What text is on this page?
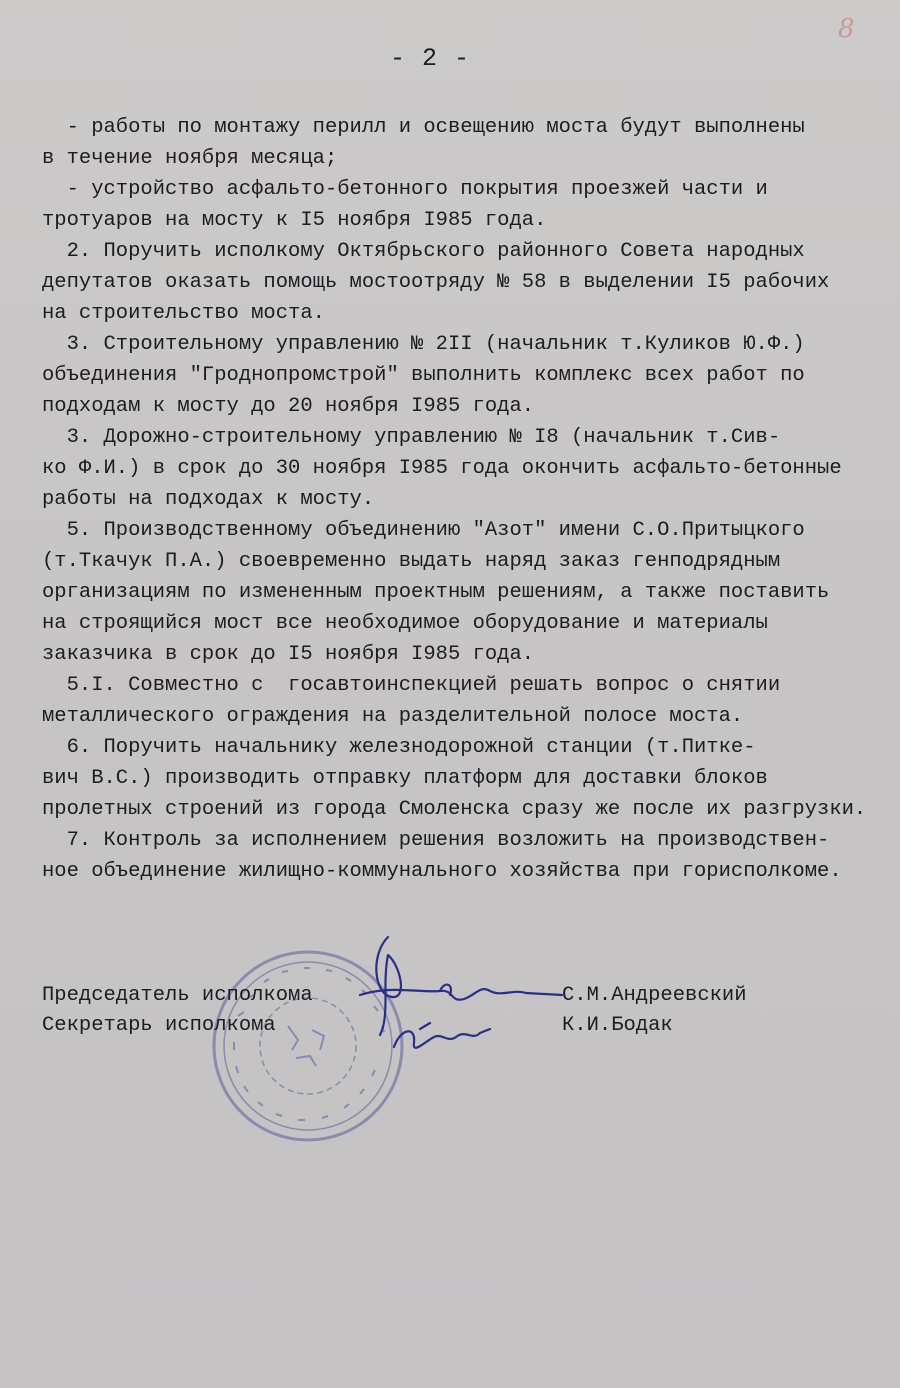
8
- 2 -
- работы по монтажу перилл и освещению моста будут выполнены
в течение ноября месяца;
- устройство асфальто-бетонного покрытия проезжей части и
тротуаров на мосту к I5 ноября I985 года.
2. Поручить исполкому Октябрьского районного Совета народных
депутатов оказать помощь мостоотряду № 58 в выделении I5 рабочих
на строительство моста.
3. Строительному управлению № 2II (начальник т.Куликов Ю.Ф.)
объединения "Гроднопромстрой" выполнить комплекс всех работ по
подходам к мосту до 20 ноября I985 года.
3. Дорожно-строительному управлению № I8 (начальник т.Сив-
ко Ф.И.) в срок до 30 ноября I985 года окончить асфальто-бетонные
работы на подходах к мосту.
5. Производственному объединению "Азот" имени С.О.Притыцкого
(т.Ткачук П.А.) своевременно выдать наряд заказ генподрядным
организациям по измененным проектным решениям, а также поставить
на строящийся мост все необходимое оборудование и материалы
заказчика в срок до I5 ноября I985 года.
5.I. Совместно с  госавтоинспекцией решать вопрос о снятии
металлического ограждения на разделительной полосе моста.
6. Поручить начальнику железнодорожной станции (т.Питке-
вич В.С.) производить отправку платформ для доставки блоков
пролетных строений из города Смоленска сразу же после их разгрузки.
7. Контроль за исполнением решения возложить на производствен-
ное объединение жилищно-коммунального хозяйства при горисполкоме.
Председатель исполкома	С.М.Андреевский
Секретарь исполкома	К.И.Бодак
